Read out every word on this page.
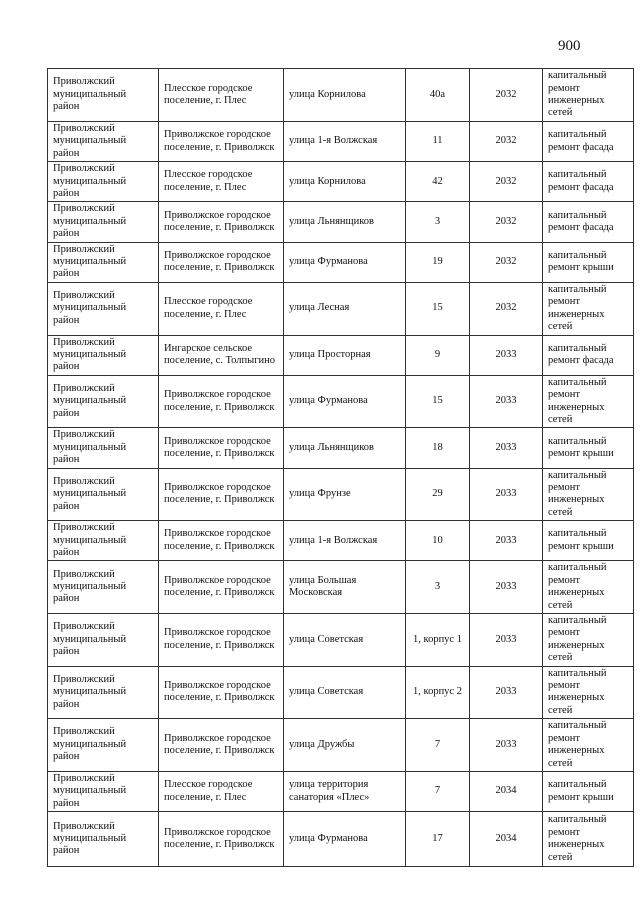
900
Приволжский муниципальный район	Плесское городское поселение, г. Плес	улица Корнилова	40а	2032	капитальный ремонт инженерных сетей
Приволжский муниципальный район	Приволжское городское поселение, г. Приволжск	улица 1-я Волжская	11	2032	капитальный ремонт фасада
Приволжский муниципальный район	Плесское городское поселение, г. Плес	улица Корнилова	42	2032	капитальный ремонт фасада
Приволжский муниципальный район	Приволжское городское поселение, г. Приволжск	улица Льнянщиков	3	2032	капитальный ремонт фасада
Приволжский муниципальный район	Приволжское городское поселение, г. Приволжск	улица Фурманова	19	2032	капитальный ремонт крыши
Приволжский муниципальный район	Плесское городское поселение, г. Плес	улица Лесная	15	2032	капитальный ремонт инженерных сетей
Приволжский муниципальный район	Ингарское сельское поселение, с. Толпыгино	улица Просторная	9	2033	капитальный ремонт фасада
Приволжский муниципальный район	Приволжское городское поселение, г. Приволжск	улица Фурманова	15	2033	капитальный ремонт инженерных сетей
Приволжский муниципальный район	Приволжское городское поселение, г. Приволжск	улица Льнянщиков	18	2033	капитальный ремонт крыши
Приволжский муниципальный район	Приволжское городское поселение, г. Приволжск	улица Фрунзе	29	2033	капитальный ремонт инженерных сетей
Приволжский муниципальный район	Приволжское городское поселение, г. Приволжск	улица 1-я Волжская	10	2033	капитальный ремонт крыши
Приволжский муниципальный район	Приволжское городское поселение, г. Приволжск	улица Большая Московская	3	2033	капитальный ремонт инженерных сетей
Приволжский муниципальный район	Приволжское городское поселение, г. Приволжск	улица Советская	1, корпус 1	2033	капитальный ремонт инженерных сетей
Приволжский муниципальный район	Приволжское городское поселение, г. Приволжск	улица Советская	1, корпус 2	2033	капитальный ремонт инженерных сетей
Приволжский муниципальный район	Приволжское городское поселение, г. Приволжск	улица Дружбы	7	2033	капитальный ремонт инженерных сетей
Приволжский муниципальный район	Плесское городское поселение, г. Плес	улица территория санатория «Плес»	7	2034	капитальный ремонт крыши
Приволжский муниципальный район	Приволжское городское поселение, г. Приволжск	улица Фурманова	17	2034	капитальный ремонт инженерных сетей
